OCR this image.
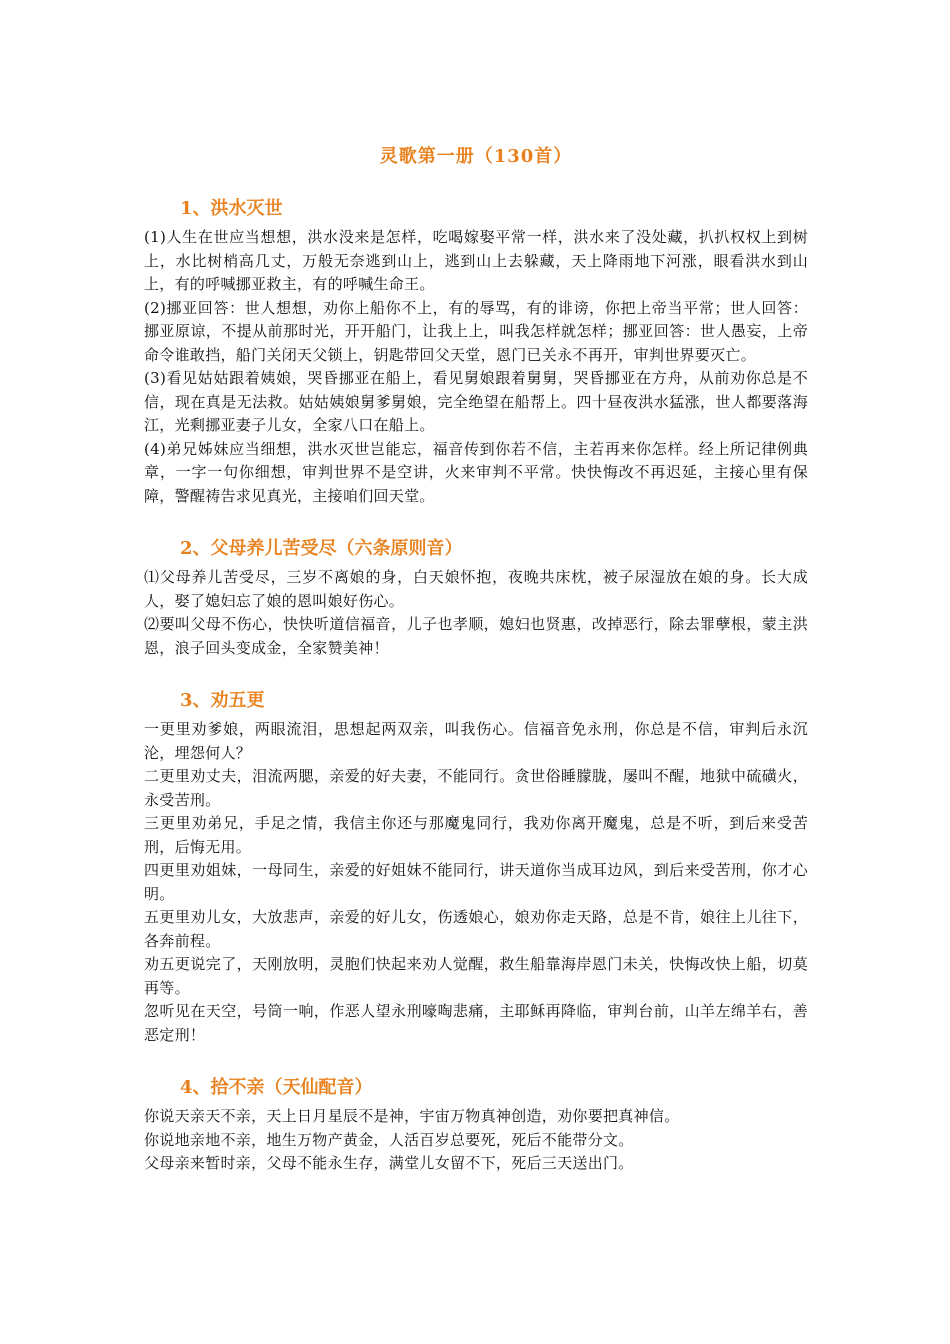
灵歌第一册（130首）
1、洪水灭世

(1)人生在世应当想想，洪水没来是怎样，吃喝嫁娶平常一样，洪水来了没处藏，扒扒权权上到树上，水比树梢高几丈，万般无奈逃到山上，逃到山上去躲藏，天上降雨地下河涨，眼看洪水到山上，有的呼喊挪亚救主，有的呼喊生命王。

(2)挪亚回答：世人想想，劝你上船你不上，有的辱骂，有的诽谤，你把上帝当平常；世人回答：挪亚原谅，不提从前那时光，开开船门，让我上上，叫我怎样就怎样；挪亚回答：世人愚妄，上帝命令谁敢挡，船门关闭天父锁上，钥匙带回父天堂，恩门已关永不再开，审判世界要灭亡。

(3)看见姑姑跟着姨娘，哭昏挪亚在船上，看见舅娘跟着舅舅，哭昏挪亚在方舟，从前劝你总是不信，现在真是无法救。姑姑姨娘舅爹舅娘，完全绝望在船帮上。四十昼夜洪水猛涨，世人都要落海江，光剩挪亚妻子儿女，全家八口在船上。

(4)弟兄姊妹应当细想，洪水灭世岂能忘，福音传到你若不信，主若再来你怎样。经上所记律例典章，一字一句你细想，审判世界不是空讲，火来审判不平常。快快悔改不再迟延，主接心里有保障，警醒祷告求见真光，主接咱们回天堂。

2、父母养儿苦受尽（六条原则音）

⑴父母养儿苦受尽，三岁不离娘的身，白天娘怀抱，夜晚共床枕，被子尿湿放在娘的身。长大成人，娶了媳妇忘了娘的恩叫娘好伤心。

⑵要叫父母不伤心，快快听道信福音，儿子也孝顺，媳妇也贤惠，改掉恶行，除去罪孽根，蒙主洪恩，浪子回头变成金，全家赞美神！

3、劝五更

一更里劝爹娘，两眼流泪，思想起两双亲，叫我伤心。信福音免永刑，你总是不信，审判后永沉沦，埋怨何人？

二更里劝丈夫，泪流两腮，亲爱的好夫妻，不能同行。贪世俗睡朦胧，屡叫不醒，地狱中硫磺火，永受苦刑。

三更里劝弟兄，手足之情，我信主你还与那魔鬼同行，我劝你离开魔鬼，总是不听，到后来受苦刑，后悔无用。

四更里劝姐妹，一母同生，亲爱的好姐妹不能同行，讲天道你当成耳边风，到后来受苦刑，你才心明。

五更里劝儿女，大放悲声，亲爱的好儿女，伤透娘心，娘劝你走天路，总是不肯，娘往上儿往下，各奔前程。

劝五更说完了，天刚放明，灵胞们快起来劝人觉醒，救生船靠海岸恩门未关，快悔改快上船，切莫再等。

忽听见在天空，号筒一响，作恶人望永刑嚎啕悲痛，主耶稣再降临，审判台前，山羊左绵羊右，善恶定刑！

4、拾不亲（天仙配音）

你说天亲天不亲，天上日月星辰不是神，宇宙万物真神创造，劝你要把真神信。

你说地亲地不亲，地生万物产黄金，人活百岁总要死，死后不能带分文。

父母亲来暂时亲，父母不能永生存，满堂儿女留不下，死后三天送出门。
